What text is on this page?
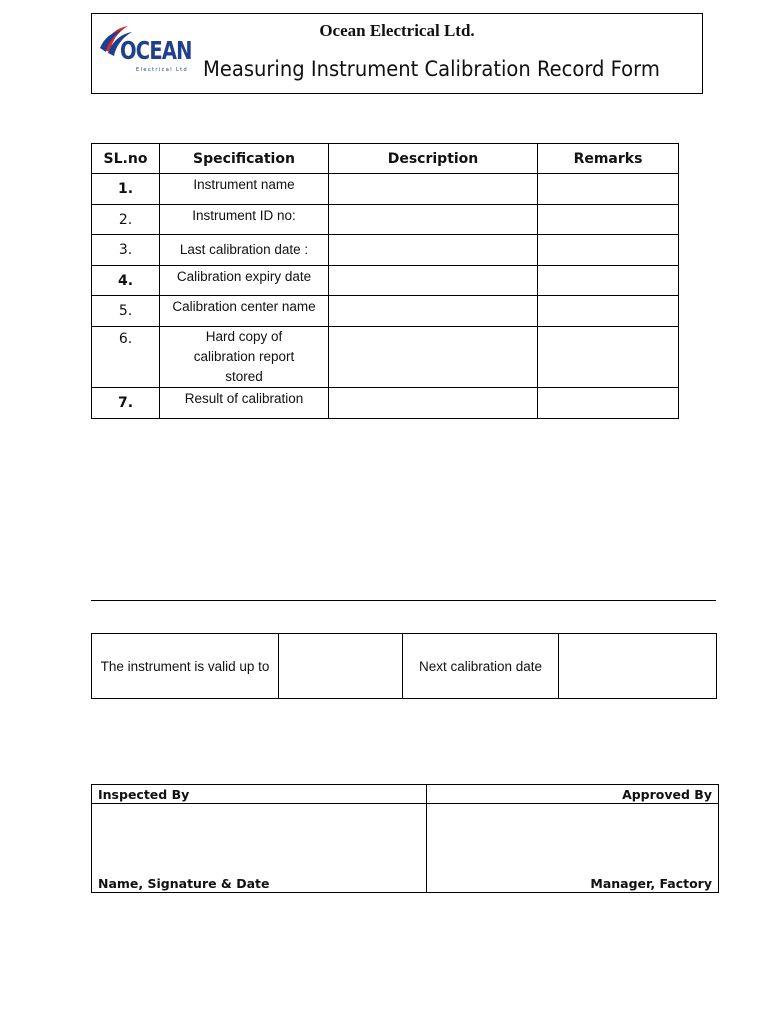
OCEAN
Electrical Ltd
Ocean Electrical Ltd.
Measuring Instrument Calibration Record Form
SL.no	Specification	Description	Remarks
1.	Instrument name		
2.	Instrument ID no:		
3.	Last calibration date :		
4.	Calibration expiry date		
5.	Calibration center name		
6.	Hard copy of calibration report stored		
7.	Result of calibration		
The instrument is valid up to		Next calibration date	
Inspected By	Approved By
Name, Signature & Date	Manager, Factory
